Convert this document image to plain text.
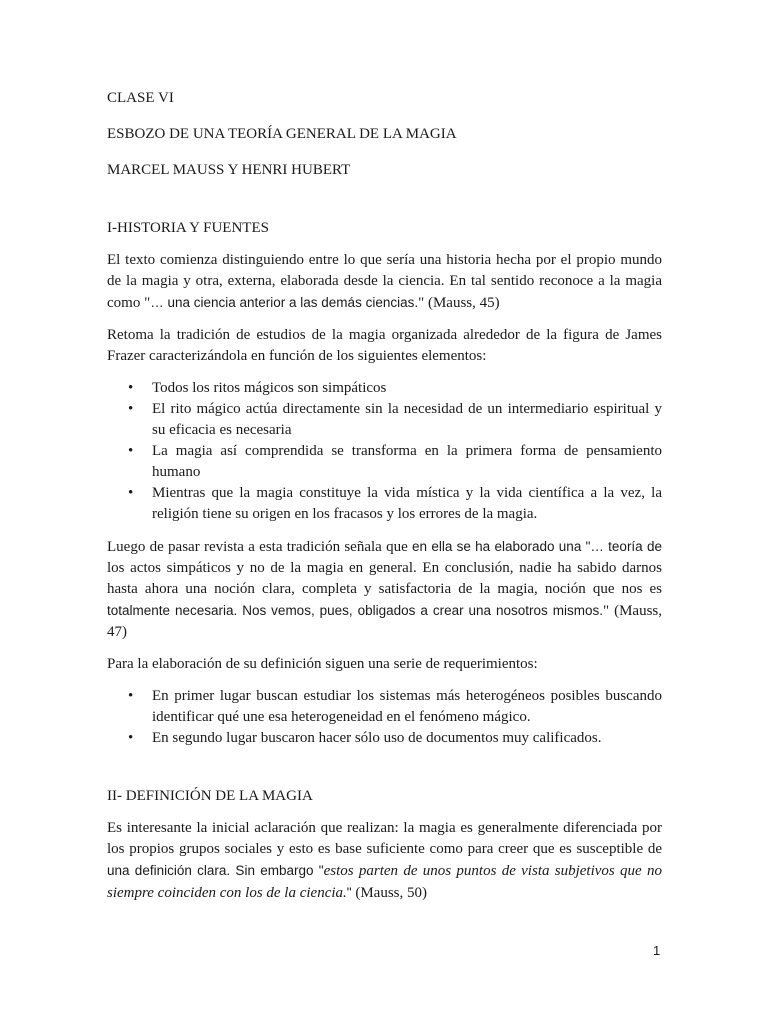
CLASE VI
ESBOZO DE UNA TEORÍA GENERAL DE LA MAGIA
MARCEL MAUSS Y HENRI HUBERT
I-HISTORIA Y FUENTES

El texto comienza distinguiendo entre lo que sería una historia hecha por el propio mundo de la magia y otra, externa, elaborada desde la ciencia. En tal sentido reconoce a la magia como "… una ciencia anterior a las demás ciencias." (Mauss, 45)

Retoma la tradición de estudios de la magia organizada alrededor de la figura de James Frazer caracterizándola en función de los siguientes elementos:

• Todos los ritos mágicos son simpáticos
• El rito mágico actúa directamente sin la necesidad de un intermediario espiritual y su eficacia es necesaria
• La magia así comprendida se transforma en la primera forma de pensamiento humano
• Mientras que la magia constituye la vida mística y la vida científica a la vez, la religión tiene su origen en los fracasos y los errores de la magia.

Luego de pasar revista a esta tradición señala que en ella se ha elaborado una "… teoría de los actos simpáticos y no de la magia en general. En conclusión, nadie ha sabido darnos hasta ahora una noción clara, completa y satisfactoria de la magia, noción que nos es totalmente necesaria. Nos vemos, pues, obligados a crear una nosotros mismos." (Mauss, 47)

Para la elaboración de su definición siguen una serie de requerimientos:

• En primer lugar buscan estudiar los sistemas más heterogéneos posibles buscando identificar qué une esa heterogeneidad en el fenómeno mágico.
• En segundo lugar buscaron hacer sólo uso de documentos muy calificados.
II- DEFINICIÓN DE LA MAGIA

Es interesante la inicial aclaración que realizan: la magia es generalmente diferenciada por los propios grupos sociales y esto es base suficiente como para creer que es susceptible de una definición clara. Sin embargo "estos parten de unos puntos de vista subjetivos que no siempre coinciden con los de la ciencia." (Mauss, 50)

1
